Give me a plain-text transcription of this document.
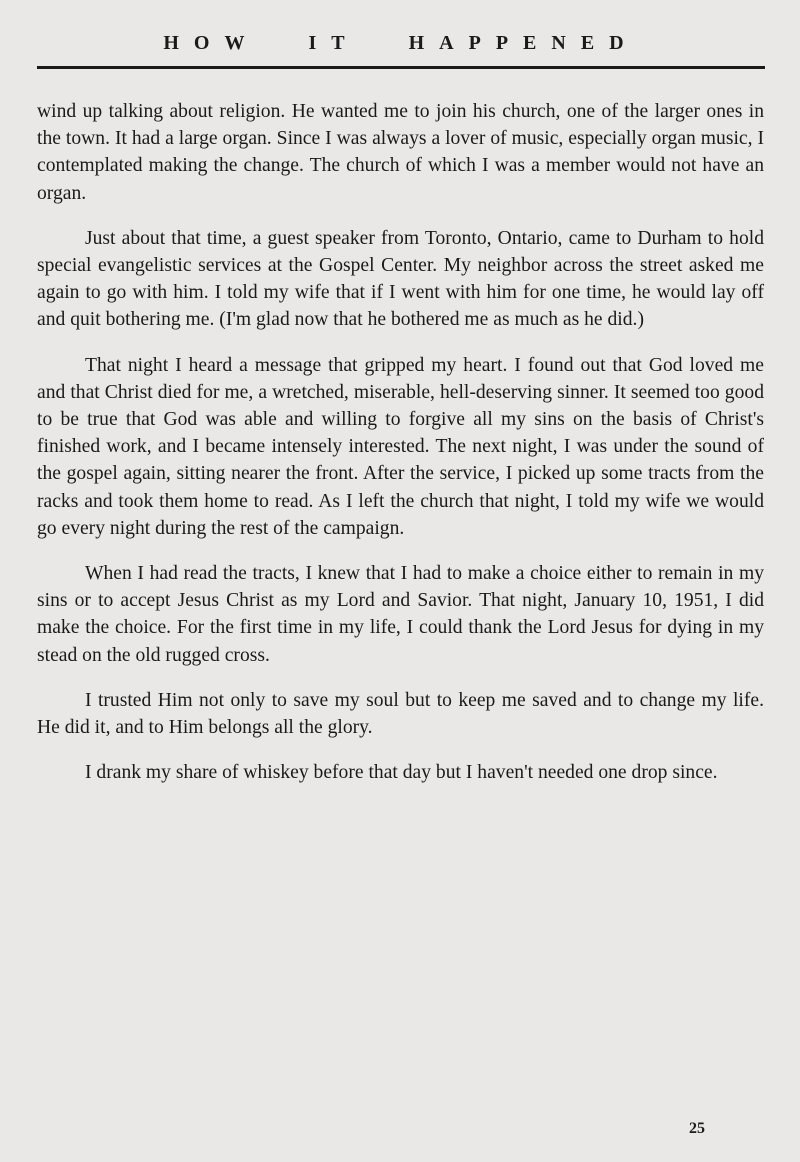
HOW IT HAPPENED

wind up talking about religion. He wanted me to join his church, one of the larger ones in the town. It had a large organ. Since I was always a lover of music, especially organ music, I contemplated making the change. The church of which I was a member would not have an organ.

Just about that time, a guest speaker from Toronto, Ontario, came to Durham to hold special evangelistic services at the Gospel Center. My neighbor across the street asked me again to go with him. I told my wife that if I went with him for one time, he would lay off and quit bothering me. (I'm glad now that he bothered me as much as he did.)

That night I heard a message that gripped my heart. I found out that God loved me and that Christ died for me, a wretched, miserable, hell-deserving sinner. It seemed too good to be true that God was able and willing to forgive all my sins on the basis of Christ's finished work, and I became intensely interested. The next night, I was under the sound of the gospel again, sitting nearer the front. After the service, I picked up some tracts from the racks and took them home to read. As I left the church that night, I told my wife we would go every night during the rest of the campaign.

When I had read the tracts, I knew that I had to make a choice either to remain in my sins or to accept Jesus Christ as my Lord and Savior. That night, January 10, 1951, I did make the choice. For the first time in my life, I could thank the Lord Jesus for dying in my stead on the old rugged cross.

I trusted Him not only to save my soul but to keep me saved and to change my life. He did it, and to Him belongs all the glory.

I drank my share of whiskey before that day but I haven't needed one drop since.

25
